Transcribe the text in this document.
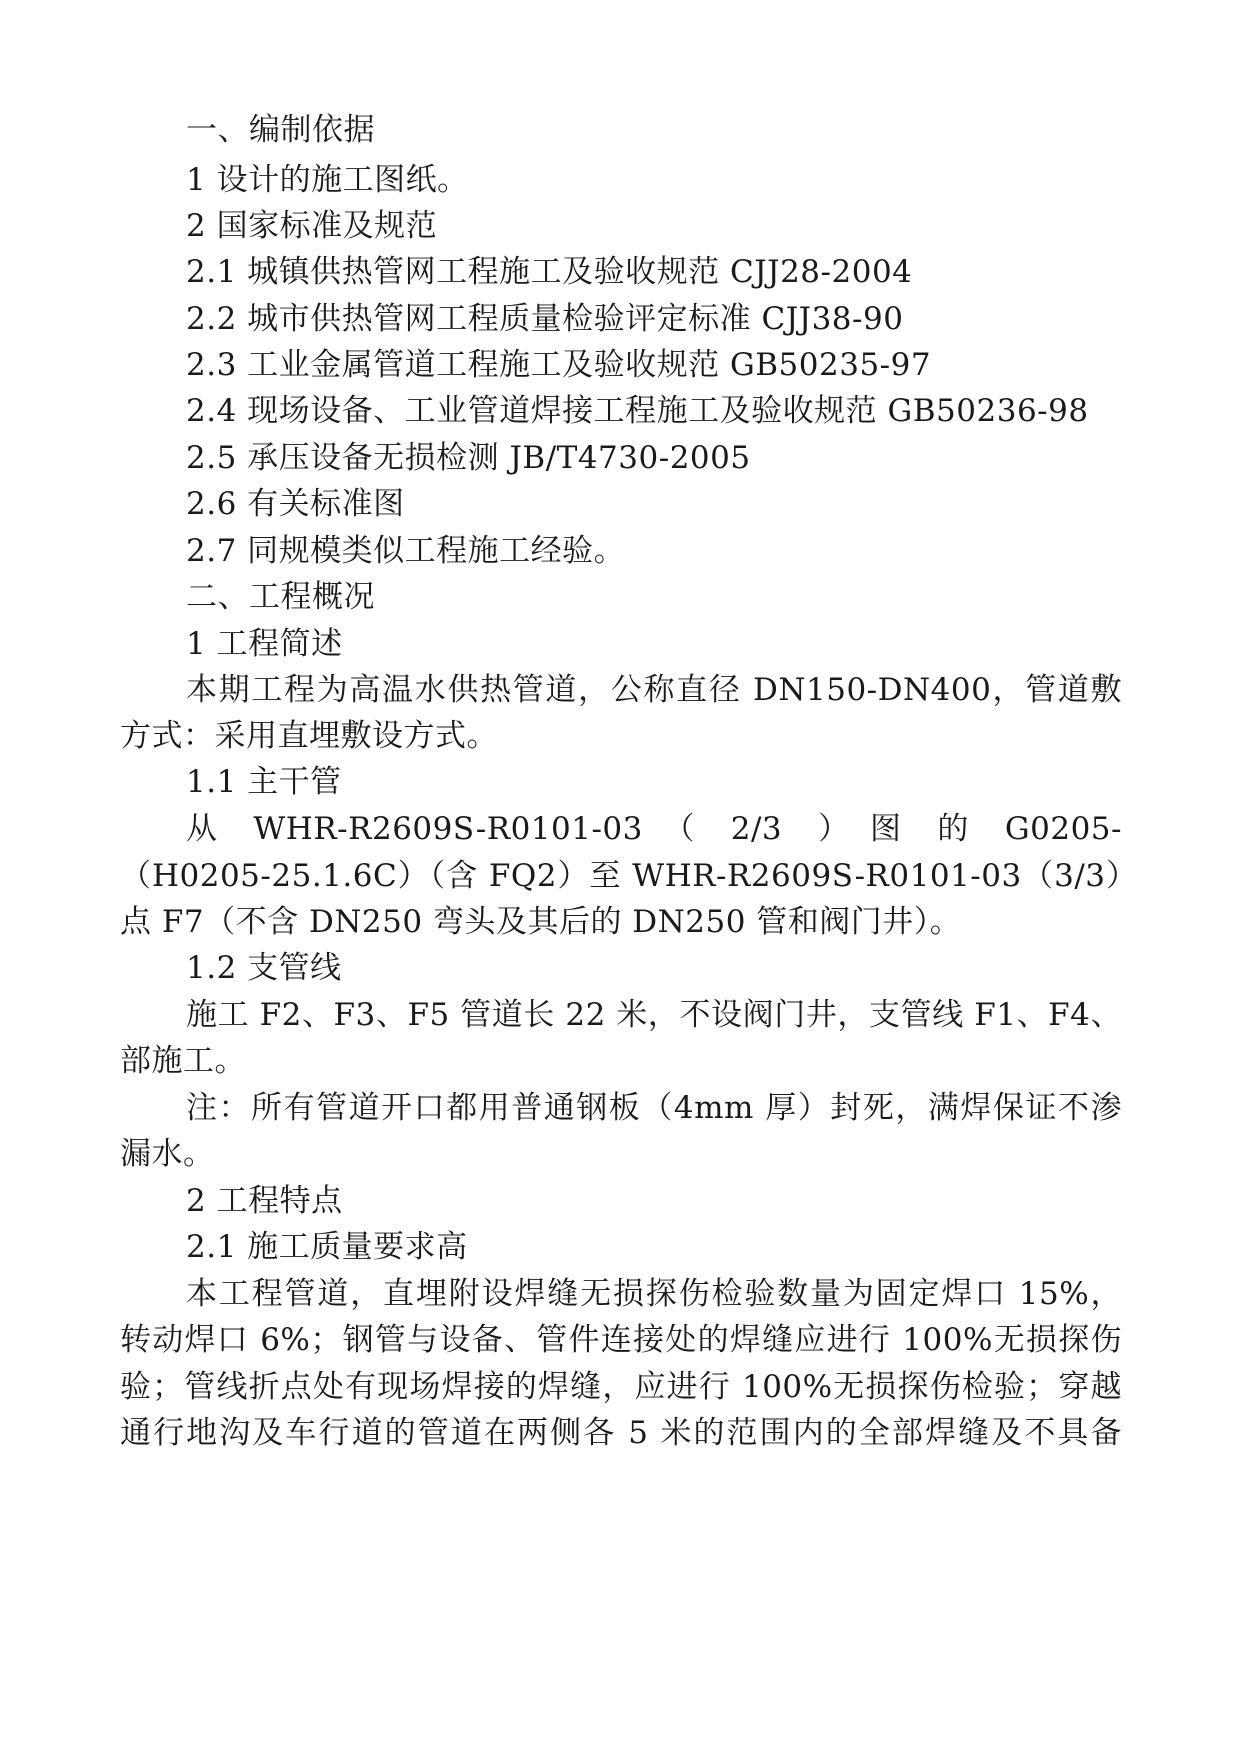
一、编制依据
1 设计的施工图纸。
2 国家标准及规范
2.1 城镇供热管网工程施工及验收规范 CJJ28-2004
2.2 城市供热管网工程质量检验评定标准 CJJ38-90
2.3 工业金属管道工程施工及验收规范 GB50235-97
2.4 现场设备、工业管道焊接工程施工及验收规范 GB50236-98
2.5 承压设备无损检测 JB/T4730-2005
2.6 有关标准图
2.7 同规模类似工程施工经验。
二、工程概况
1 工程简述
本期工程为高温水供热管道，公称直径 DN150-DN400，管道敷
方式：采用直埋敷设方式。
1.1 主干管
从　WHR-R2609S-R0101-03　（　2/3　）　图　的　G0205-
（H0205-25.1.6C）（含 FQ2）至 WHR-R2609S-R0101-03（3/3）
点 F7（不含 DN250 弯头及其后的 DN250 管和阀门井）。
1.2 支管线
施工 F2、F3、F5 管道长 22 米，不设阀门井，支管线 F1、F4、
部施工。
注：所有管道开口都用普通钢板（4mm 厚）封死，满焊保证不渗
漏水。
2 工程特点
2.1 施工质量要求高
本工程管道，直埋附设焊缝无损探伤检验数量为固定焊口 15%，
转动焊口 6%；钢管与设备、管件连接处的焊缝应进行 100%无损探伤
验；管线折点处有现场焊接的焊缝，应进行 100%无损探伤检验；穿越
通行地沟及车行道的管道在两侧各 5 米的范围内的全部焊缝及不具备
